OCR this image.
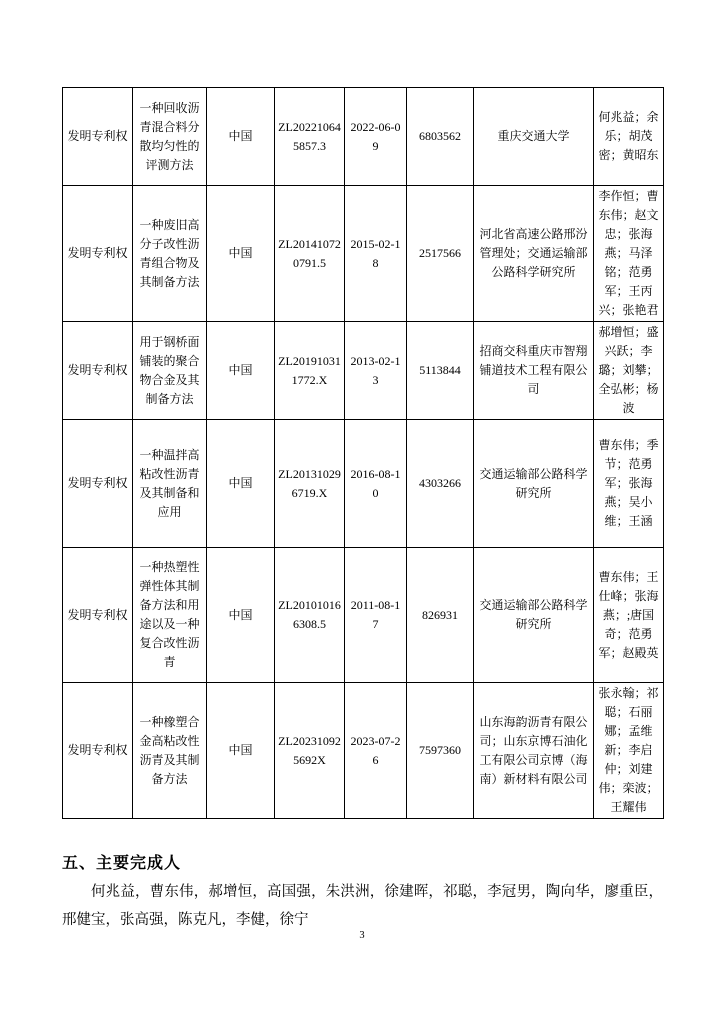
发明专利权	一种回收沥青混合料分散均匀性的评测方法	中国	ZL202210645857.3	2022-06-09	6803562	重庆交通大学	何兆益；余乐；胡茂密；黄昭东
发明专利权	一种废旧高分子改性沥青组合物及其制备方法	中国	ZL201410720791.5	2015-02-18	2517566	河北省高速公路邢汾管理处；交通运输部公路科学研究所	李作恒；曹东伟；赵文忠；张海燕；马泽铭；范勇军；王丙兴；张艳君
发明专利权	用于钢桥面铺装的聚合物合金及其制备方法	中国	ZL201910311772.X	2013-02-13	5113844	招商交科重庆市智翔铺道技术工程有限公司	郝增恒；盛兴跃；李璐；刘攀；全弘彬；杨波
发明专利权	一种温拌高粘改性沥青及其制备和应用	中国	ZL201310296719.X	2016-08-10	4303266	交通运输部公路科学研究所	曹东伟；季节；范勇军；张海燕；吴小维；王涵
发明专利权	一种热塑性弹性体其制备方法和用途以及一种复合改性沥青	中国	ZL201010166308.5	2011-08-17	826931	交通运输部公路科学研究所	曹东伟；王仕峰；张海燕；;唐国奇；范勇军；赵殿英
发明专利权	一种橡塑合金高粘改性沥青及其制备方法	中国	ZL202310925692X	2023-07-26	7597360	山东海韵沥青有限公司；山东京博石油化工有限公司京博（海南）新材料有限公司	张永翰；祁聪；石丽娜；孟维新；李启仲；刘建伟；栾波；王耀伟
五、主要完成人
何兆益，曹东伟，郝增恒，高国强，朱洪洲，徐建晖，祁聪，李冠男，陶向华，廖重臣，邢健宝，张高强，陈克凡，李健，徐宁
3
